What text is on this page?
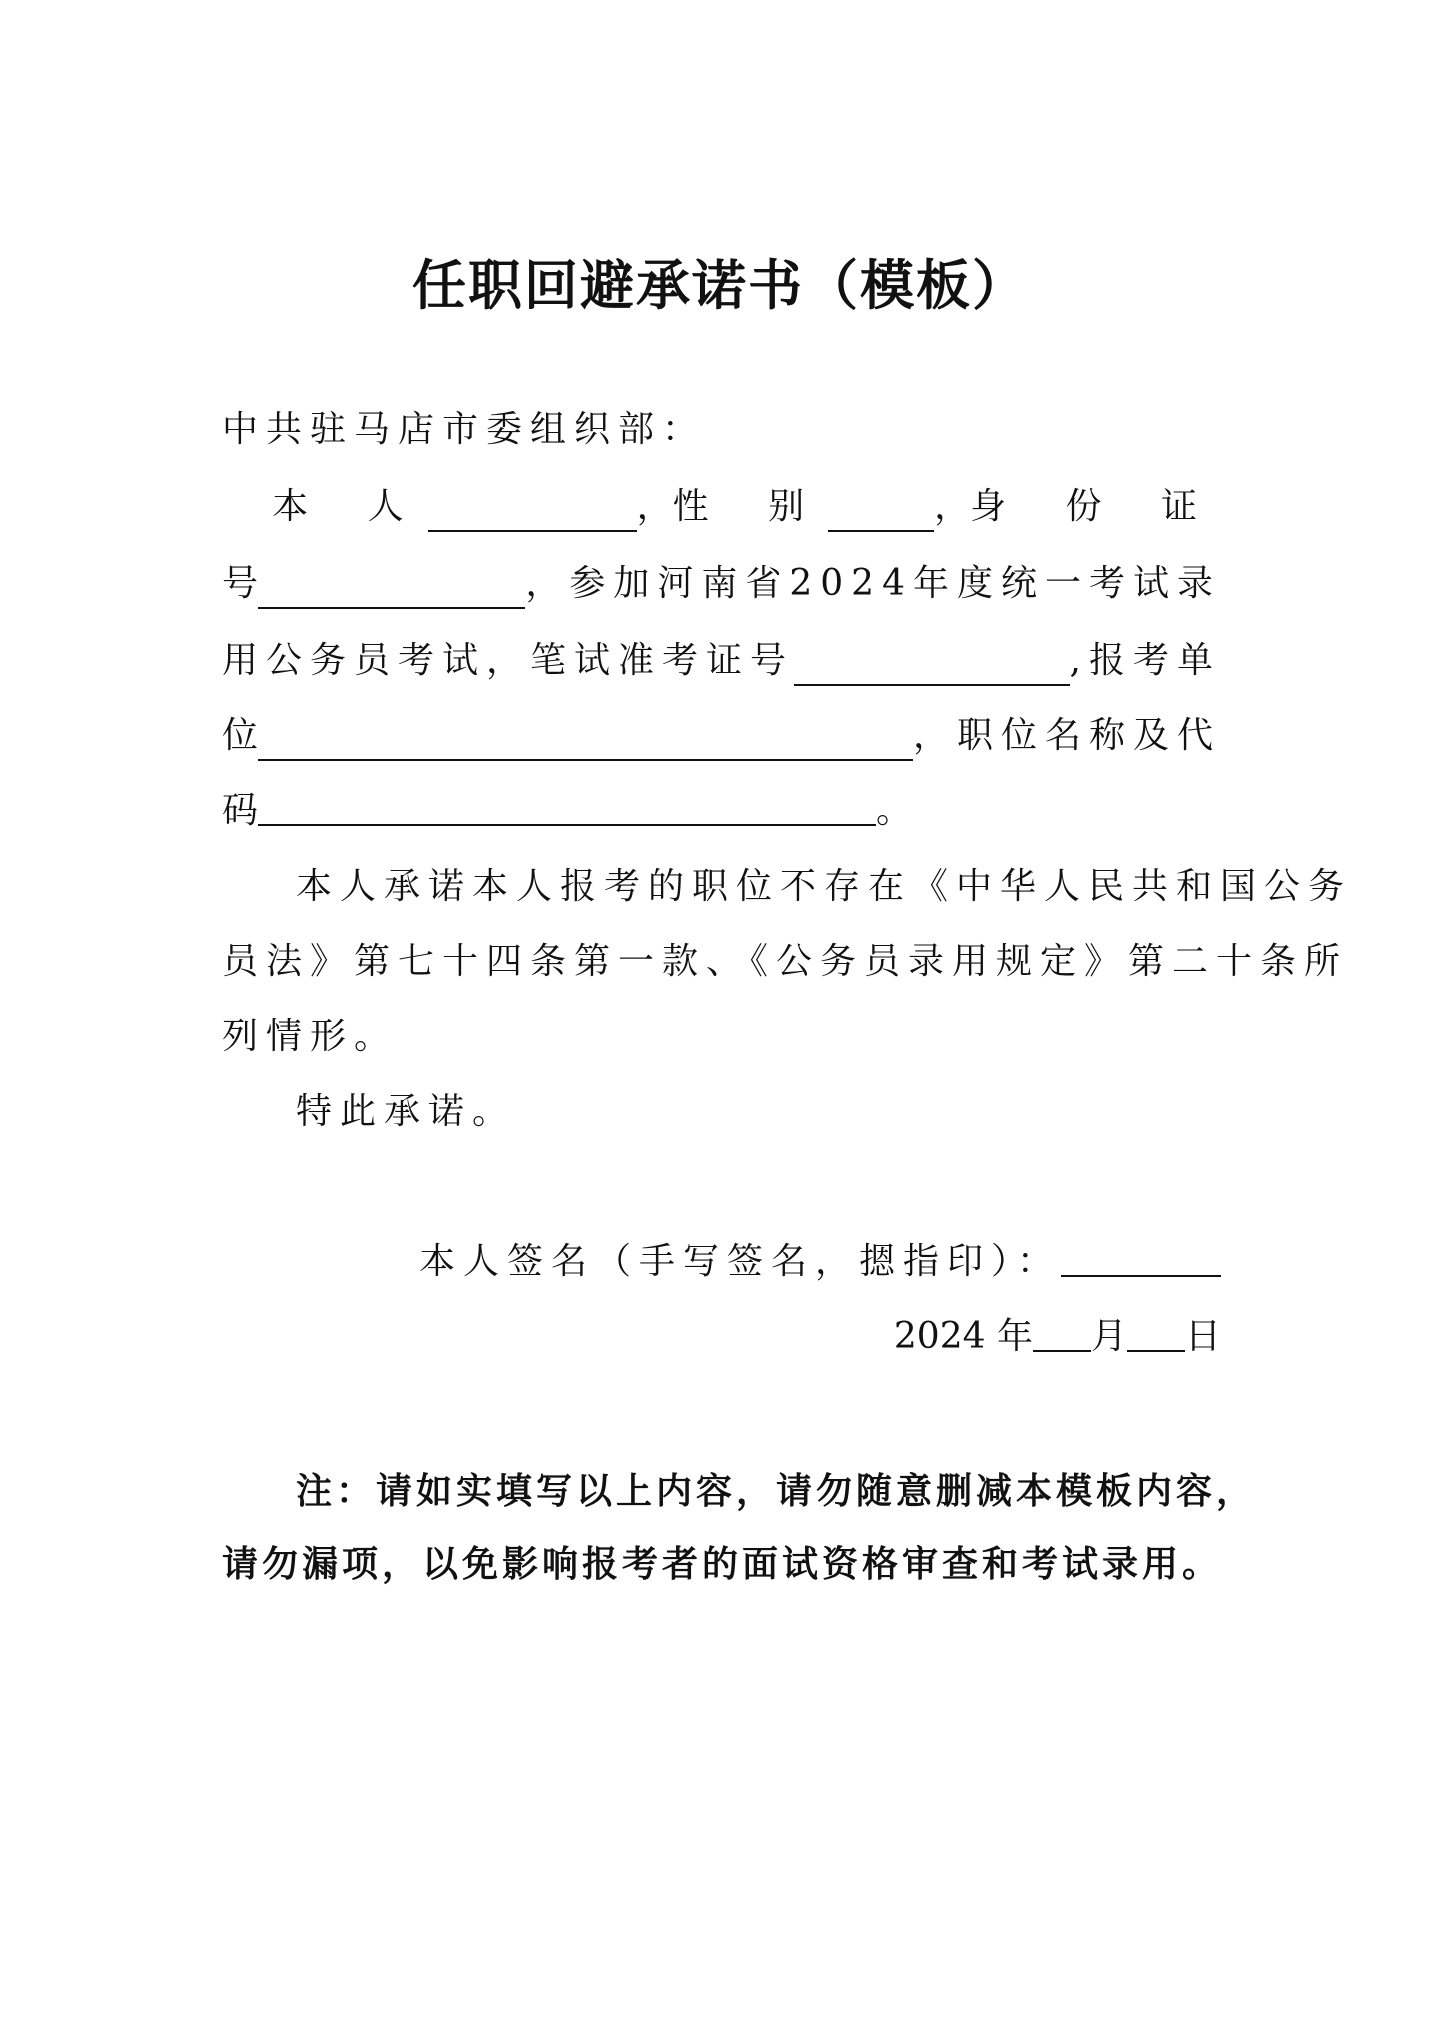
任职回避承诺书（模板）
中共驻马店市委组织部：
本 人	， 性 别	， 身 份 证
号	，参加河南省2024年度统一考试录
用公务员考试，笔试准考证号	,报考单
位	，职位名称及代
码	。
本人承诺本人报考的职位不存在《中华人民共和国公务
员法》第七十四条第一款、《公务员录用规定》第二十条所
列情形。
特此承诺。
本人签名（手写签名，摁指印）：
2024 年 月 日
注：请如实填写以上内容，请勿随意删减本模板内容，
请勿漏项，以免影响报考者的面试资格审查和考试录用。
